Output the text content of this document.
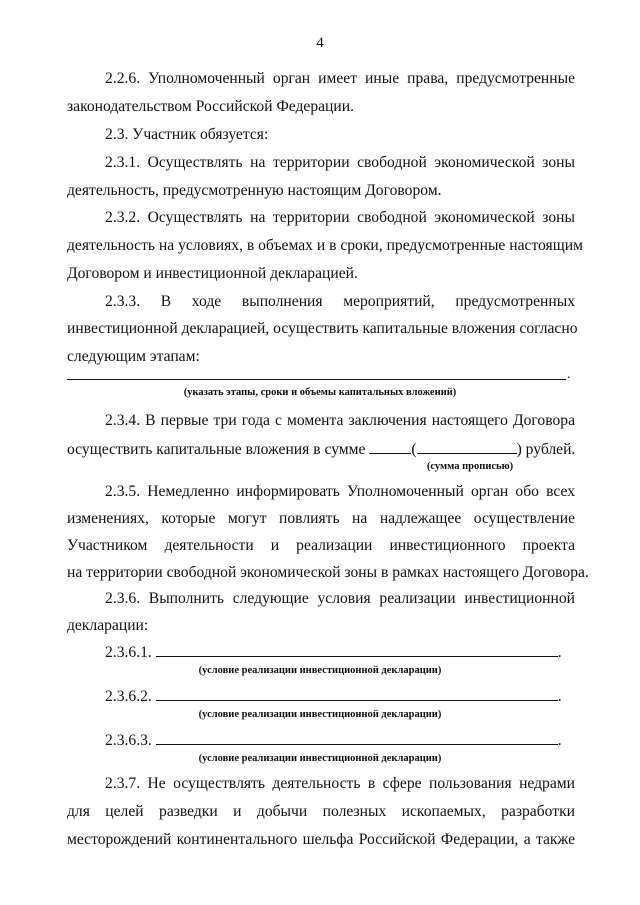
4
2.2.6. Уполномоченный орган имеет иные права, предусмотренные
законодательством Российской Федерации.
2.3. Участник обязуется:
2.3.1. Осуществлять на территории свободной экономической зоны
деятельность, предусмотренную настоящим Договором.
2.3.2. Осуществлять на территории свободной экономической зоны
деятельность на условиях, в объемах и в сроки, предусмотренные настоящим
Договором и инвестиционной декларацией.
2.3.3. В ходе выполнения мероприятий, предусмотренных
инвестиционной декларацией, осуществить капитальные вложения согласно
следующим этапам:
.
(указать этапы, сроки и объемы капитальных вложений)
2.3.4. В первые три года с момента заключения настоящего Договора
осуществить капитальные вложения в сумме	(	) рублей.
(сумма прописью)
2.3.5. Немедленно информировать Уполномоченный орган обо всех
изменениях, которые могут повлиять на надлежащее осуществление
Участником деятельности и реализации инвестиционного проекта
на территории свободной экономической зоны в рамках настоящего Договора.
2.3.6. Выполнить следующие условия реализации инвестиционной
декларации:
2.3.6.1.	.
(условие реализации инвестиционной декларации)
2.3.6.2.	.
(условие реализации инвестиционной декларации)
2.3.6.3.	.
(условие реализации инвестиционной декларации)
2.3.7. Не осуществлять деятельность в сфере пользования недрами
для целей разведки и добычи полезных ископаемых, разработки
месторождений континентального шельфа Российской Федерации, а также
